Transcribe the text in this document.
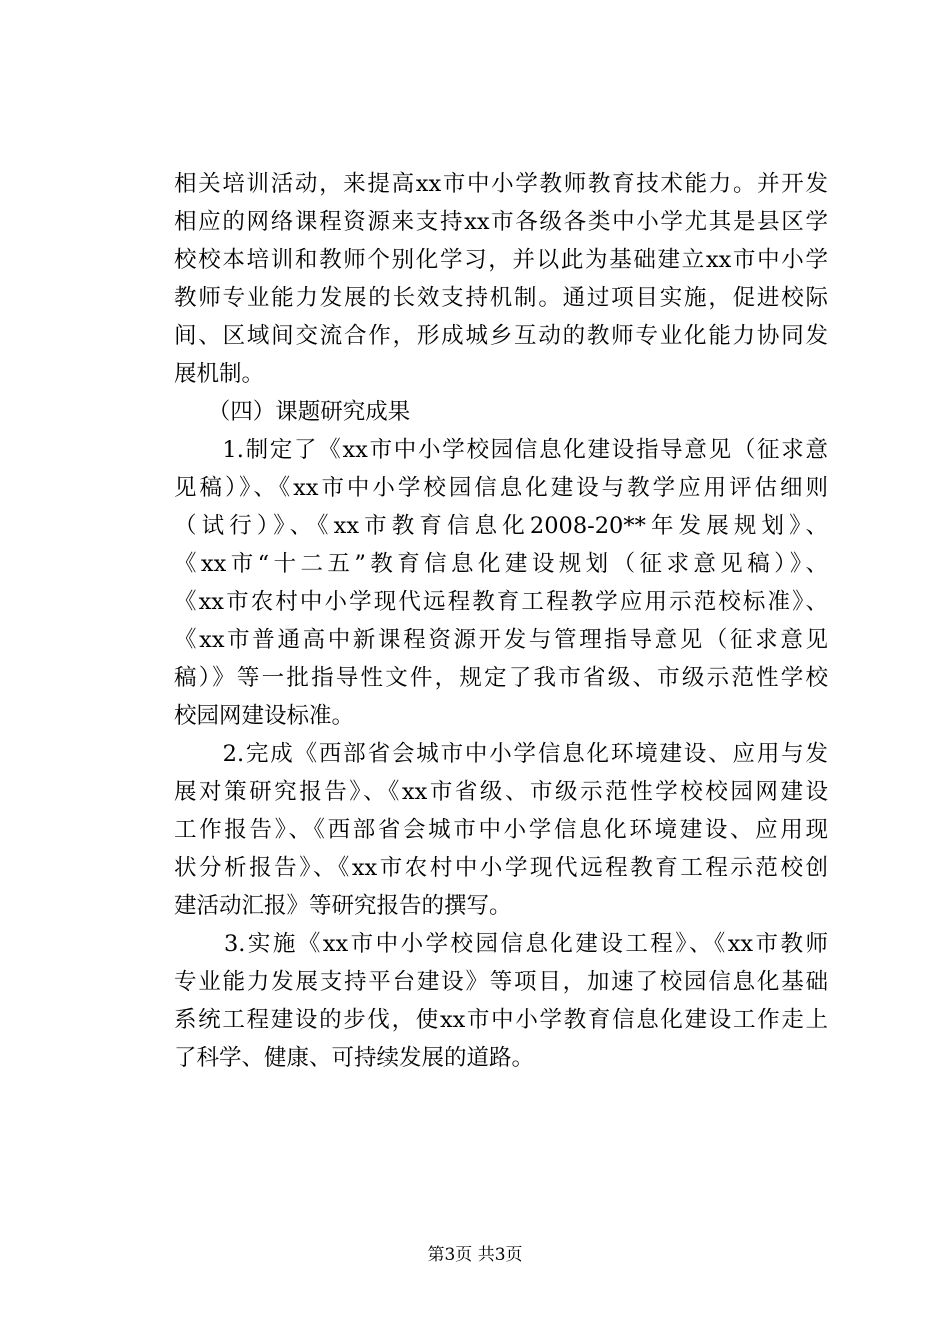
相关培训活动，来提高xx市中小学教师教育技术能力。并开发
相应的网络课程资源来支持xx市各级各类中小学尤其是县区学
校校本培训和教师个别化学习，并以此为基础建立xx市中小学
教师专业能力发展的长效支持机制。通过项目实施，促进校际
间、区域间交流合作，形成城乡互动的教师专业化能力协同发
展机制。
　　（四）课题研究成果
　　1.制定了《xx市中小学校园信息化建设指导意见（征求意
见稿）》、《xx市中小学校园信息化建设与教学应用评估细则
（试行）》、《xx市教育信息化2008-20**年发展规划》、
《xx市“十二五”教育信息化建设规划（征求意见稿）》、
《xx市农村中小学现代远程教育工程教学应用示范校标准》、
《xx市普通高中新课程资源开发与管理指导意见（征求意见
稿）》等一批指导性文件，规定了我市省级、市级示范性学校
校园网建设标准。
　　2.完成《西部省会城市中小学信息化环境建设、应用与发
展对策研究报告》、《xx市省级、市级示范性学校校园网建设
工作报告》、《西部省会城市中小学信息化环境建设、应用现
状分析报告》、《xx市农村中小学现代远程教育工程示范校创
建活动汇报》等研究报告的撰写。
　　3.实施《xx市中小学校园信息化建设工程》、《xx市教师
专业能力发展支持平台建设》等项目，加速了校园信息化基础
系统工程建设的步伐，使xx市中小学教育信息化建设工作走上
了科学、健康、可持续发展的道路。
第3页 共3页
